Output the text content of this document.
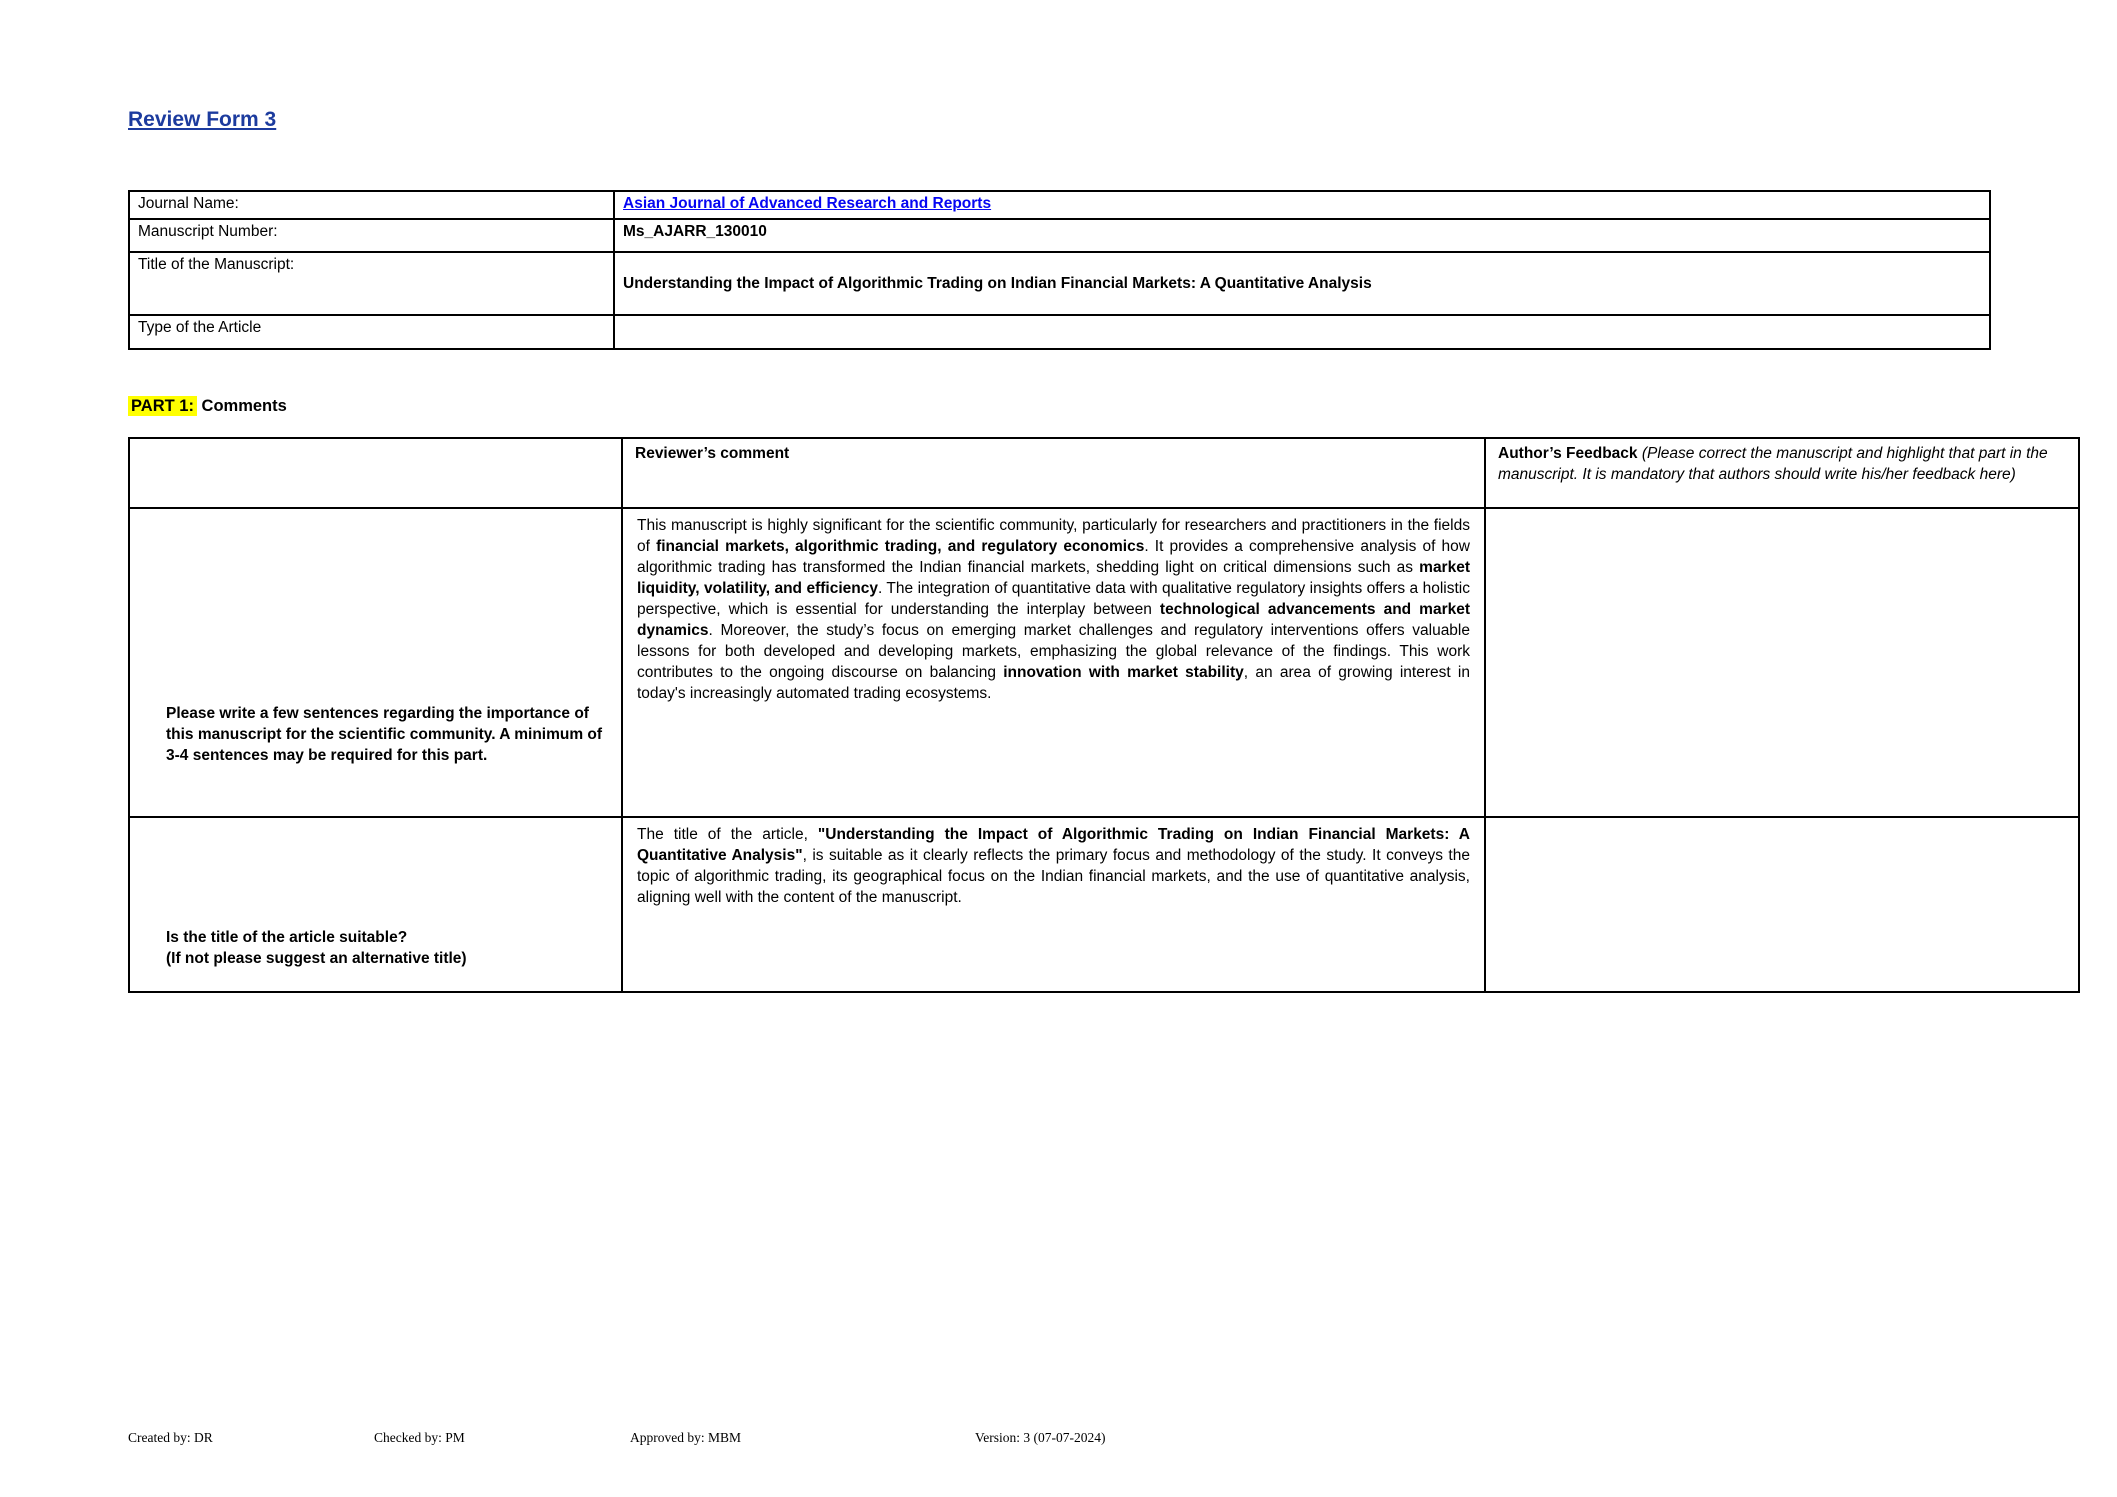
Review Form 3
Journal Name:	Asian Journal of Advanced Research and Reports
Manuscript Number:	Ms_AJARR_130010
Title of the Manuscript:	Understanding the Impact of Algorithmic Trading on Indian Financial Markets: A Quantitative Analysis
Type of the Article	
PART 1: Comments
	Reviewer’s comment	Author’s Feedback (Please correct the manuscript and highlight that part in the manuscript. It is mandatory that authors should write his/her feedback here)

Please write a few sentences regarding the importance of this manuscript for the scientific community. A minimum of 3-4 sentences may be required for this part.	This manuscript is highly significant for the scientific community, particularly for researchers and practitioners in the fields of financial markets, algorithmic trading, and regulatory economics. It provides a comprehensive analysis of how algorithmic trading has transformed the Indian financial markets, shedding light on critical dimensions such as market liquidity, volatility, and efficiency. The integration of quantitative data with qualitative regulatory insights offers a holistic perspective, which is essential for understanding the interplay between technological advancements and market dynamics. Moreover, the study’s focus on emerging market challenges and regulatory interventions offers valuable lessons for both developed and developing markets, emphasizing the global relevance of the findings. This work contributes to the ongoing discourse on balancing innovation with market stability, an area of growing interest in today's increasingly automated trading ecosystems.	

Is the title of the article suitable?
(If not please suggest an alternative title)	The title of the article, "Understanding the Impact of Algorithmic Trading on Indian Financial Markets: A Quantitative Analysis", is suitable as it clearly reflects the primary focus and methodology of the study. It conveys the topic of algorithmic trading, its geographical focus on the Indian financial markets, and the use of quantitative analysis, aligning well with the content of the manuscript.	
Created by: DR	Checked by: PM	Approved by: MBM	Version: 3 (07-07-2024)
